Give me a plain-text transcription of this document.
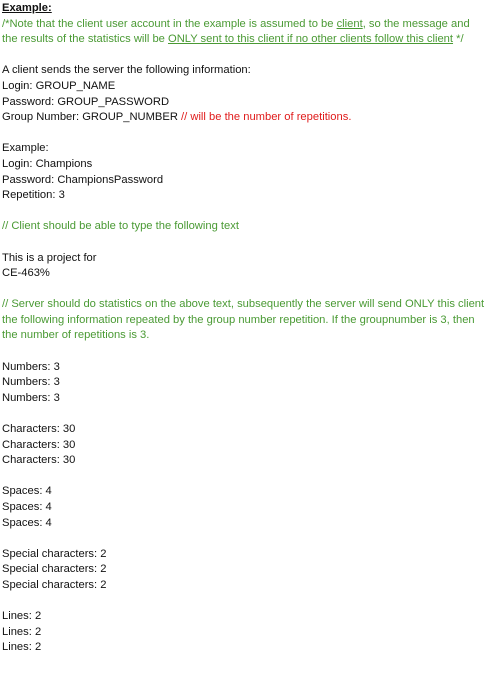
Example:
/*Note that the client user account in the example is assumed to be client, so the message and the results of the statistics will be ONLY sent to this client if no other clients follow this client */
A client sends the server the following information:
Login: GROUP_NAME
Password: GROUP_PASSWORD
Group Number: GROUP_NUMBER // will be the number of repetitions.
Example:
Login: Champions
Password: ChampionsPassword
Repetition: 3
// Client should be able to type the following text
This is a project for
CE-463%
// Server should do statistics on the above text, subsequently the server will send ONLY this client the following information repeated by the group number repetition. If the groupnumber is 3, then the number of repetitions is 3.
Numbers: 3
Numbers: 3
Numbers: 3
Characters: 30
Characters: 30
Characters: 30
Spaces: 4
Spaces: 4
Spaces: 4
Special characters: 2
Special characters: 2
Special characters: 2
Lines: 2
Lines: 2
Lines: 2
